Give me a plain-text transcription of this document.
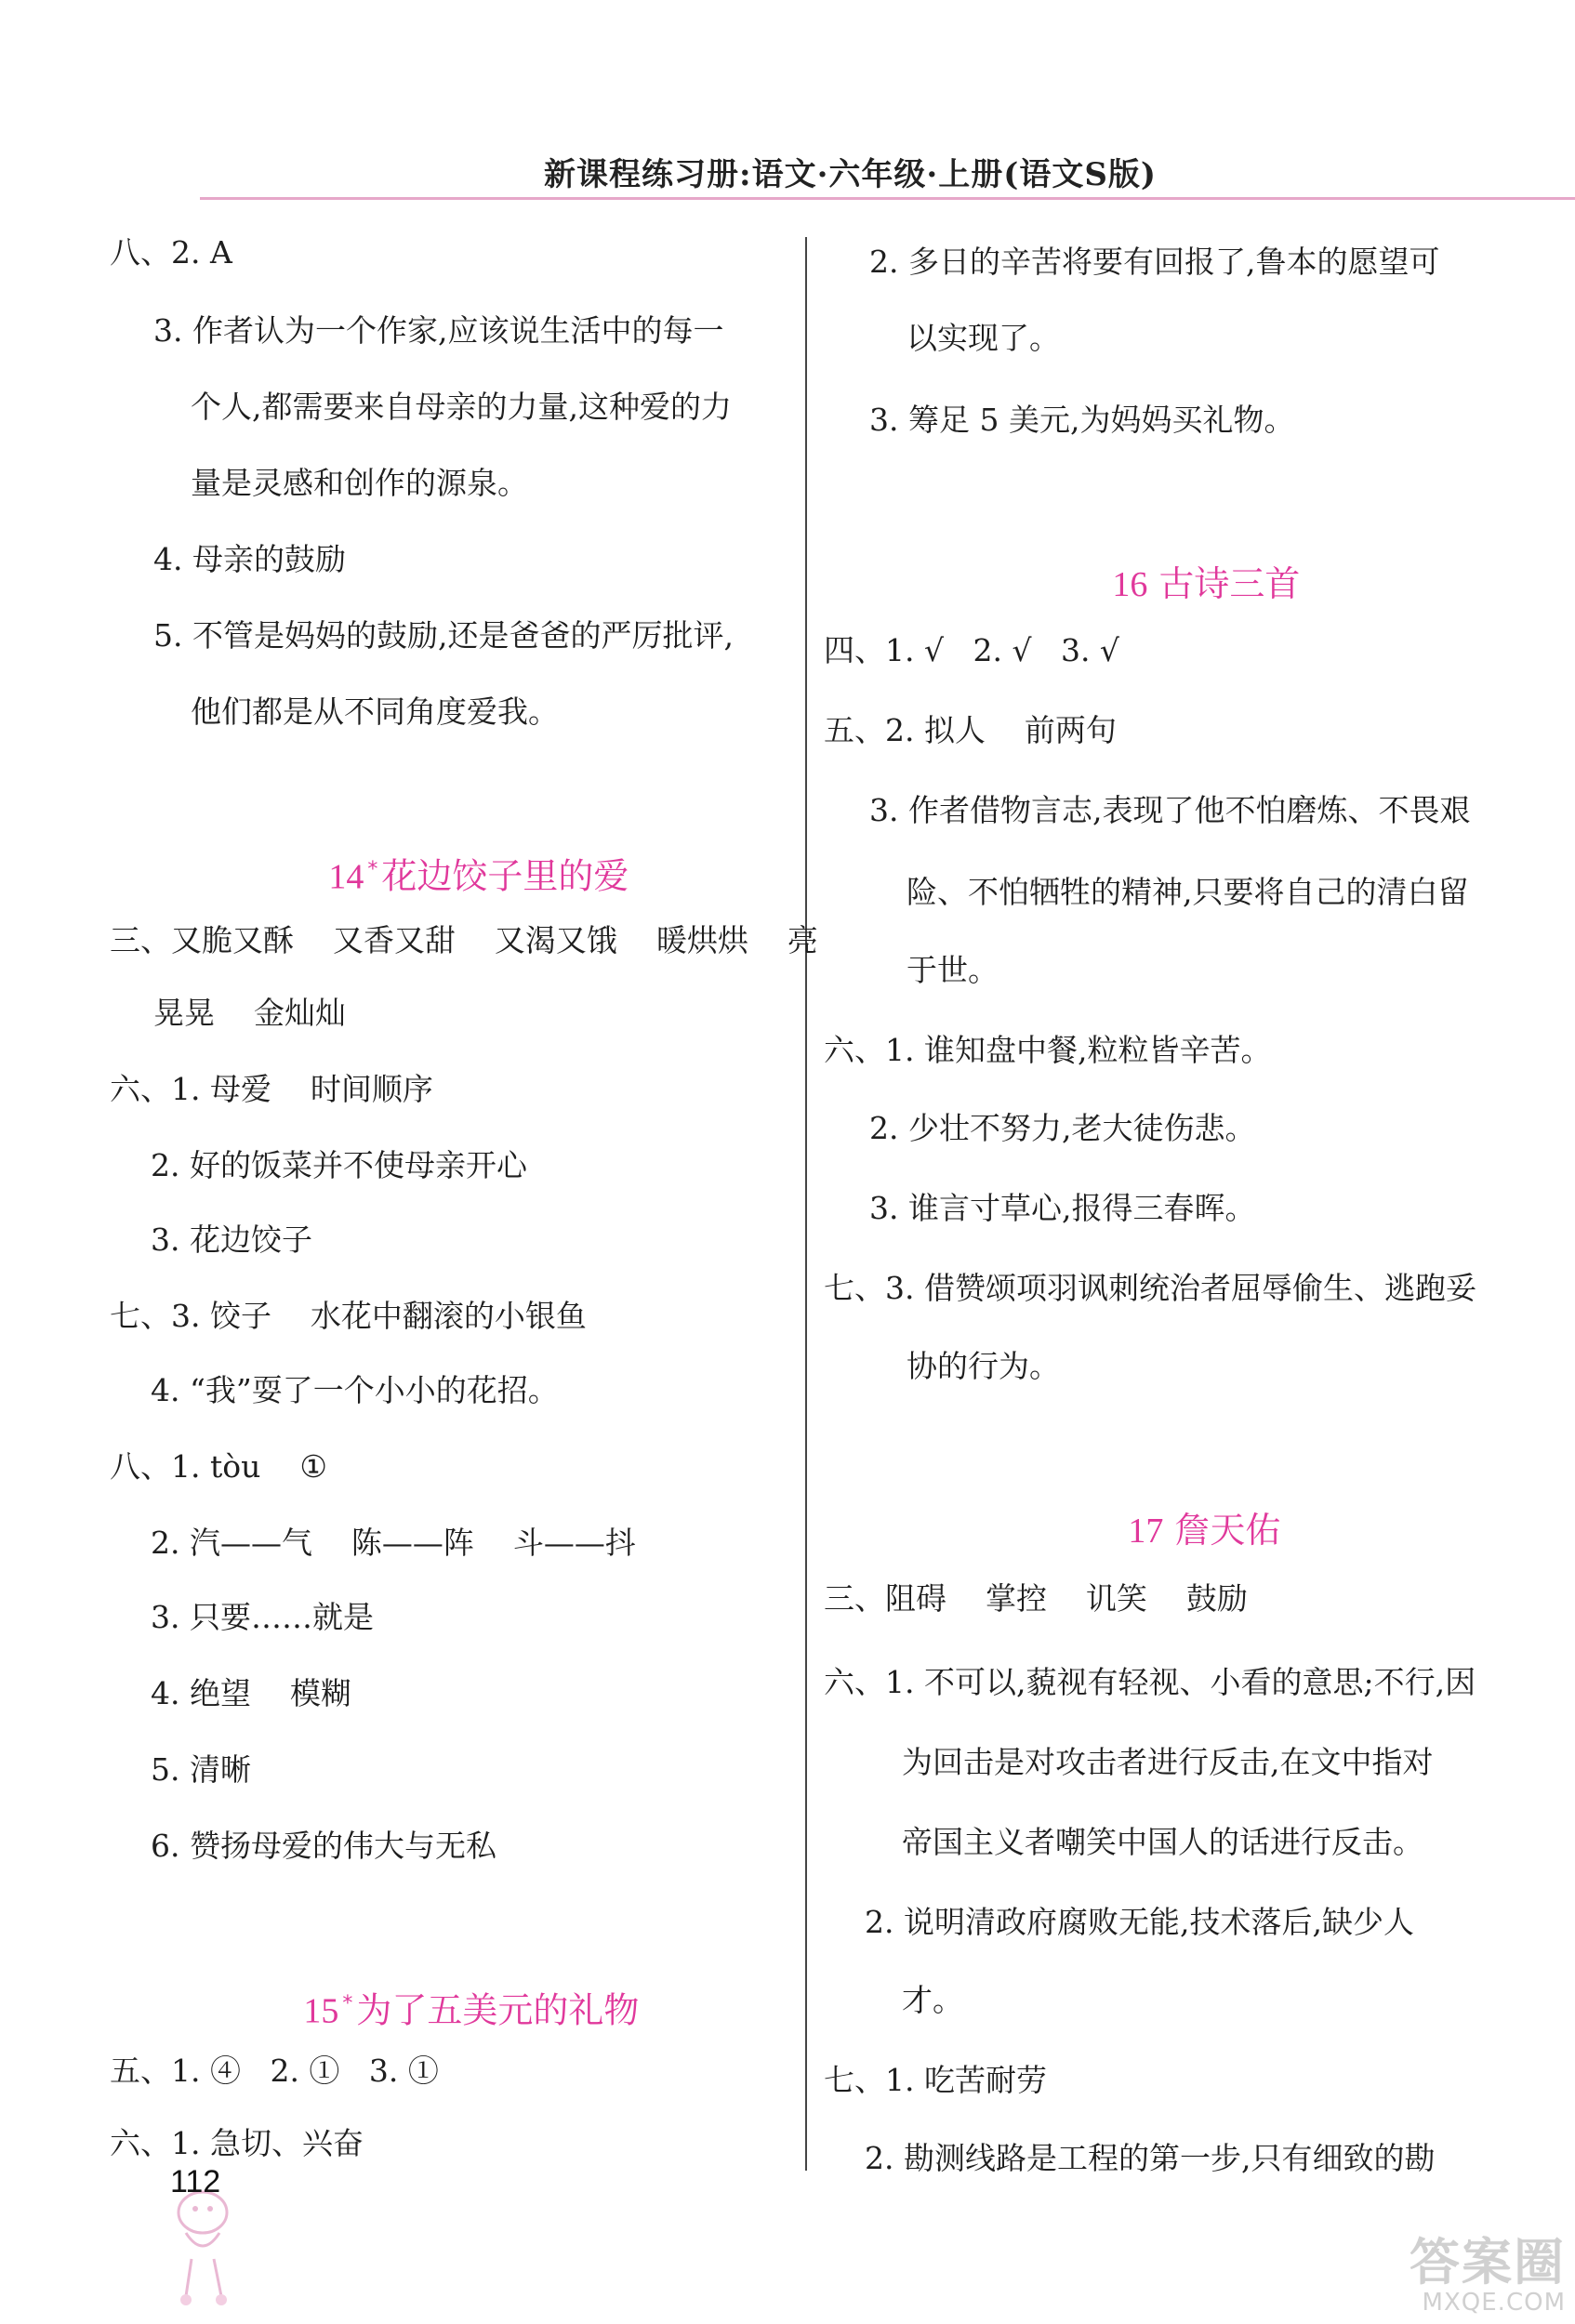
新课程练习册:语文·六年级·上册(语文S版)
八、2. A
3. 作者认为一个作家,应该说生活中的每一
个人,都需要来自母亲的力量,这种爱的力
量是灵感和创作的源泉。
4. 母亲的鼓励
5. 不管是妈妈的鼓励,还是爸爸的严厉批评,
他们都是从不同角度爱我。

14 * 花边饺子里的爱

三、又脆又酥    又香又甜    又渴又饿    暖烘烘    亮
晃晃    金灿灿
六、1. 母爱    时间顺序
2. 好的饭菜并不使母亲开心
3. 花边饺子
七、3. 饺子    水花中翻滚的小银鱼
4. “我”耍了一个小小的花招。
八、1. tòu    ①
2. 汽——气    陈——阵    斗——抖
3. 只要……就是
4. 绝望    模糊
5. 清晰
6. 赞扬母爱的伟大与无私

15 * 为了五美元的礼物

五、1. ④   2. ①   3. ①
六、1. 急切、兴奋
2. 多日的辛苦将要有回报了,鲁本的愿望可
以实现了。
3. 筹足 5 美元,为妈妈买礼物。

16 古诗三首

四、1. √   2. √   3. √
五、2. 拟人    前两句
3. 作者借物言志,表现了他不怕磨炼、不畏艰
险、不怕牺牲的精神,只要将自己的清白留
于世。
六、1. 谁知盘中餐,粒粒皆辛苦。
2. 少壮不努力,老大徒伤悲。
3. 谁言寸草心,报得三春晖。
七、3. 借赞颂项羽讽刺统治者屈辱偷生、逃跑妥
协的行为。

17 詹天佑

三、阻碍    掌控    讥笑    鼓励
六、1. 不可以,藐视有轻视、小看的意思;不行,因
为回击是对攻击者进行反击,在文中指对
帝国主义者嘲笑中国人的话进行反击。
2. 说明清政府腐败无能,技术落后,缺少人
才。
七、1. 吃苦耐劳
2. 勘测线路是工程的第一步,只有细致的勘
112
答案圈
MXQE.COM
